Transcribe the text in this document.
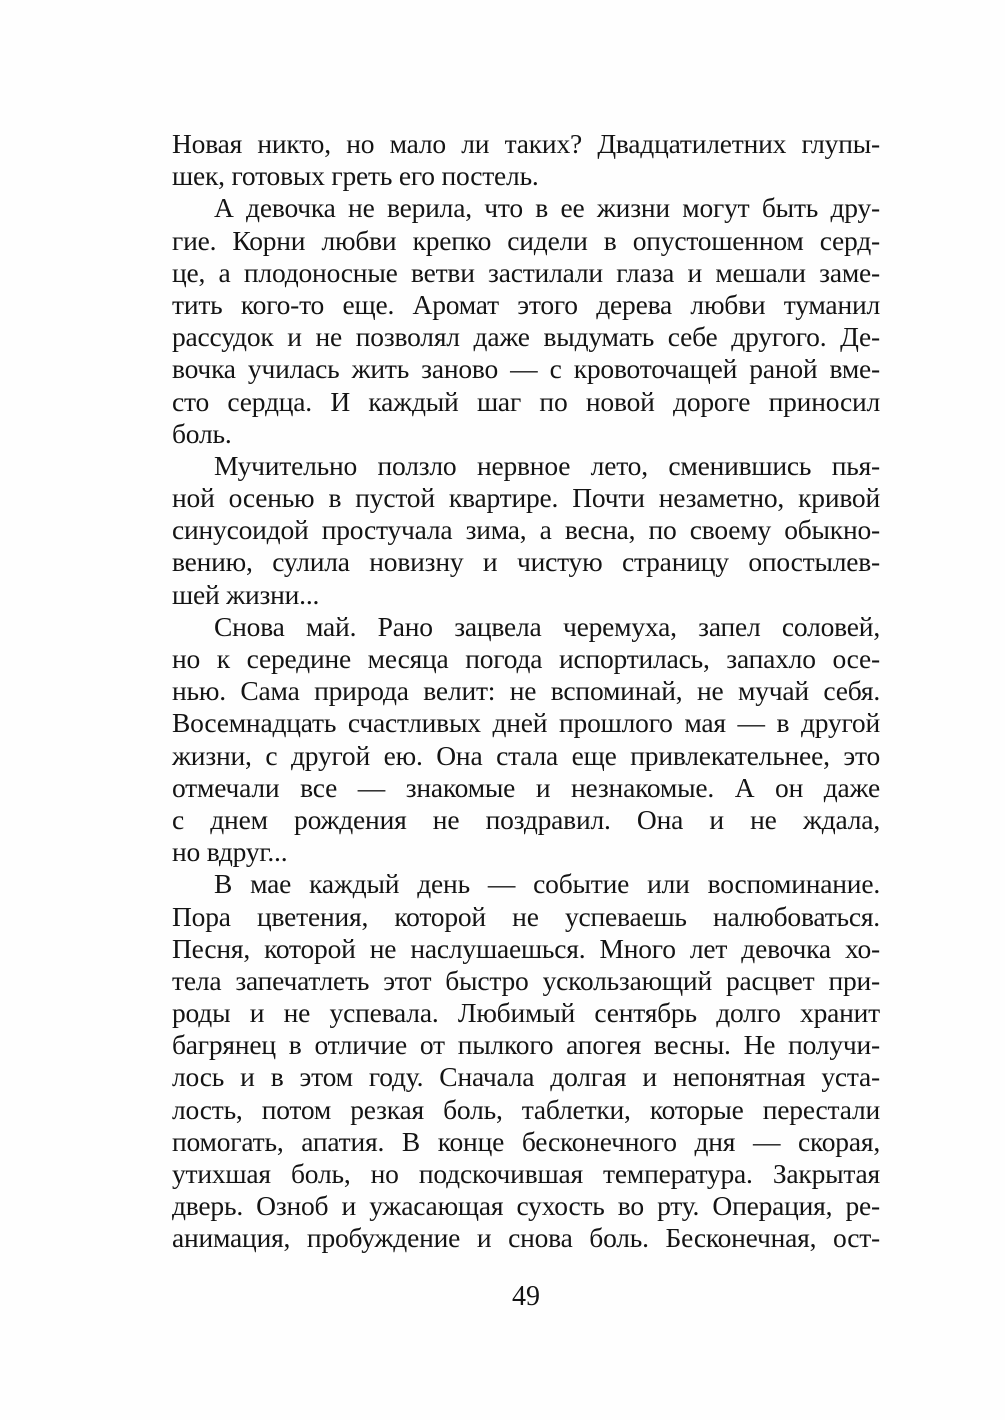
Новая никто, но мало ли таких? Двадцатилетних глупы-
шек, готовых греть его постель.
А девочка не верила, что в ее жизни могут быть дру-
гие. Корни любви крепко сидели в опустошенном серд-
це, а плодоносные ветви застилали глаза и мешали заме-
тить кого-то еще. Аромат этого дерева любви туманил
рассудок и не позволял даже выдумать себе другого. Де-
вочка училась жить заново — с кровоточащей раной вме-
сто сердца. И каждый шаг по новой дороге приносил
боль.
Мучительно ползло нервное лето, сменившись пья-
ной осенью в пустой квартире. Почти незаметно, кривой
синусоидой простучала зима, а весна, по своему обыкно-
вению, сулила новизну и чистую страницу опостылев-
шей жизни...
Снова май. Рано зацвела черемуха, запел соловей,
но к середине месяца погода испортилась, запахло осе-
нью. Сама природа велит: не вспоминай, не мучай себя.
Восемнадцать счастливых дней прошлого мая — в другой
жизни, с другой ею. Она стала еще привлекательнее, это
отмечали все — знакомые и незнакомые. А он даже
с днем рождения не поздравил. Она и не ждала,
но вдруг...
В мае каждый день — событие или воспоминание.
Пора цветения, которой не успеваешь налюбоваться.
Песня, которой не наслушаешься. Много лет девочка хо-
тела запечатлеть этот быстро ускользающий расцвет при-
роды и не успевала. Любимый сентябрь долго хранит
багрянец в отличие от пылкого апогея весны. Не получи-
лось и в этом году. Сначала долгая и непонятная уста-
лость, потом резкая боль, таблетки, которые перестали
помогать, апатия. В конце бесконечного дня — скорая,
утихшая боль, но подскочившая температура. Закрытая
дверь. Озноб и ужасающая сухость во рту. Операция, ре-
анимация, пробуждение и снова боль. Бесконечная, ост-
49
